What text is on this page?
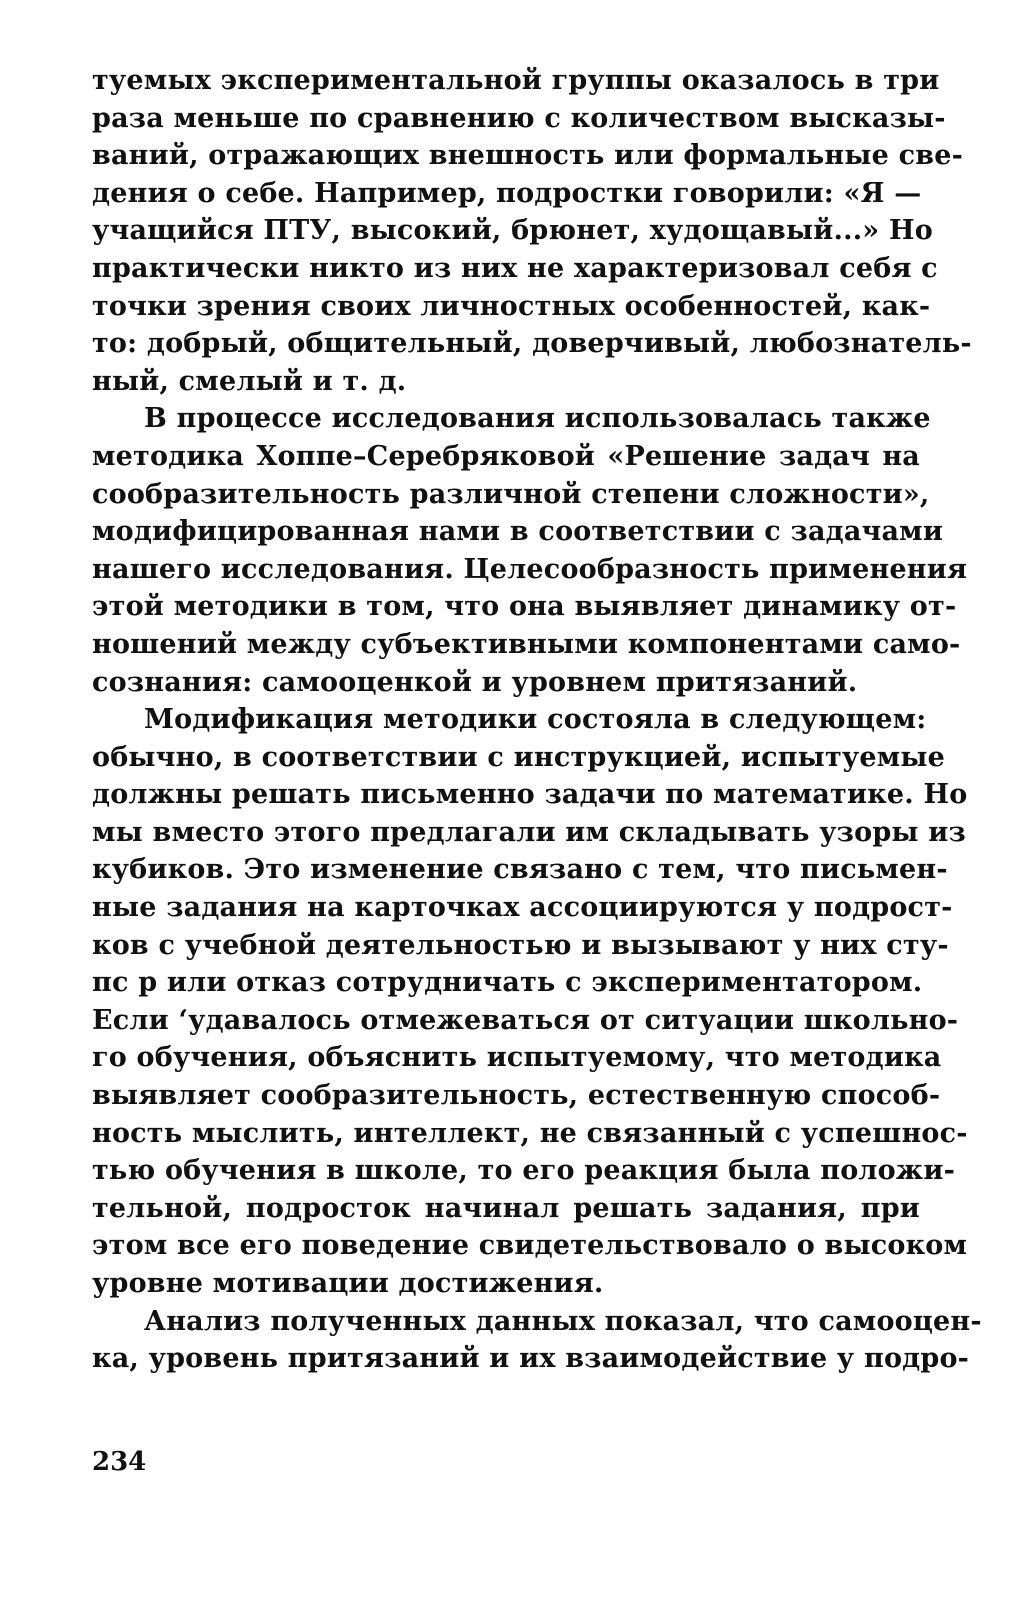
туемых экспериментальной группы оказалось в три
раза меньше по сравнению с количеством высказы-
ваний, отражающих внешность или формальные све-
дения о себе. Например, подростки говорили: «Я —
учащийся ПТУ, высокий, брюнет, худощавый...» Но
практически никто из них не характеризовал себя с
точки зрения своих личностных особенностей, как-
то: добрый, общительный, доверчивый, любознатель-
ный, смелый и т. д.
В процессе исследования использовалась также
методика Хоппе–Серебряковой «Решение задач на
сообразительность различной степени сложности»,
модифицированная нами в соответствии с задачами
нашего исследования. Целесообразность применения
этой методики в том, что она выявляет динамику от-
ношений между субъективными компонентами само-
сознания: самооценкой и уровнем притязаний.
Модификация методики состояла в следующем:
обычно, в соответствии с инструкцией, испытуемые
должны решать письменно задачи по математике. Но
мы вместо этого предлагали им складывать узоры из
кубиков. Это изменение связано с тем, что письмен-
ные задания на карточках ассоциируются у подрост-
ков с учебной деятельностью и вызывают у них сту-
пс р или отказ сотрудничать с экспериментатором.
Если ‘удавалось отмежеваться от ситуации школьно-
го обучения, объяснить испытуемому, что методика
выявляет сообразительность, естественную способ-
ность мыслить, интеллект, не связанный с успешнос-
тью обучения в школе, то его реакция была положи-
тельной, подросток начинал решать задания, при
этом все его поведение свидетельствовало о высоком
уровне мотивации достижения.
Анализ полученных данных показал, что самооцен-
ка, уровень притязаний и их взаимодействие у подро-
234
